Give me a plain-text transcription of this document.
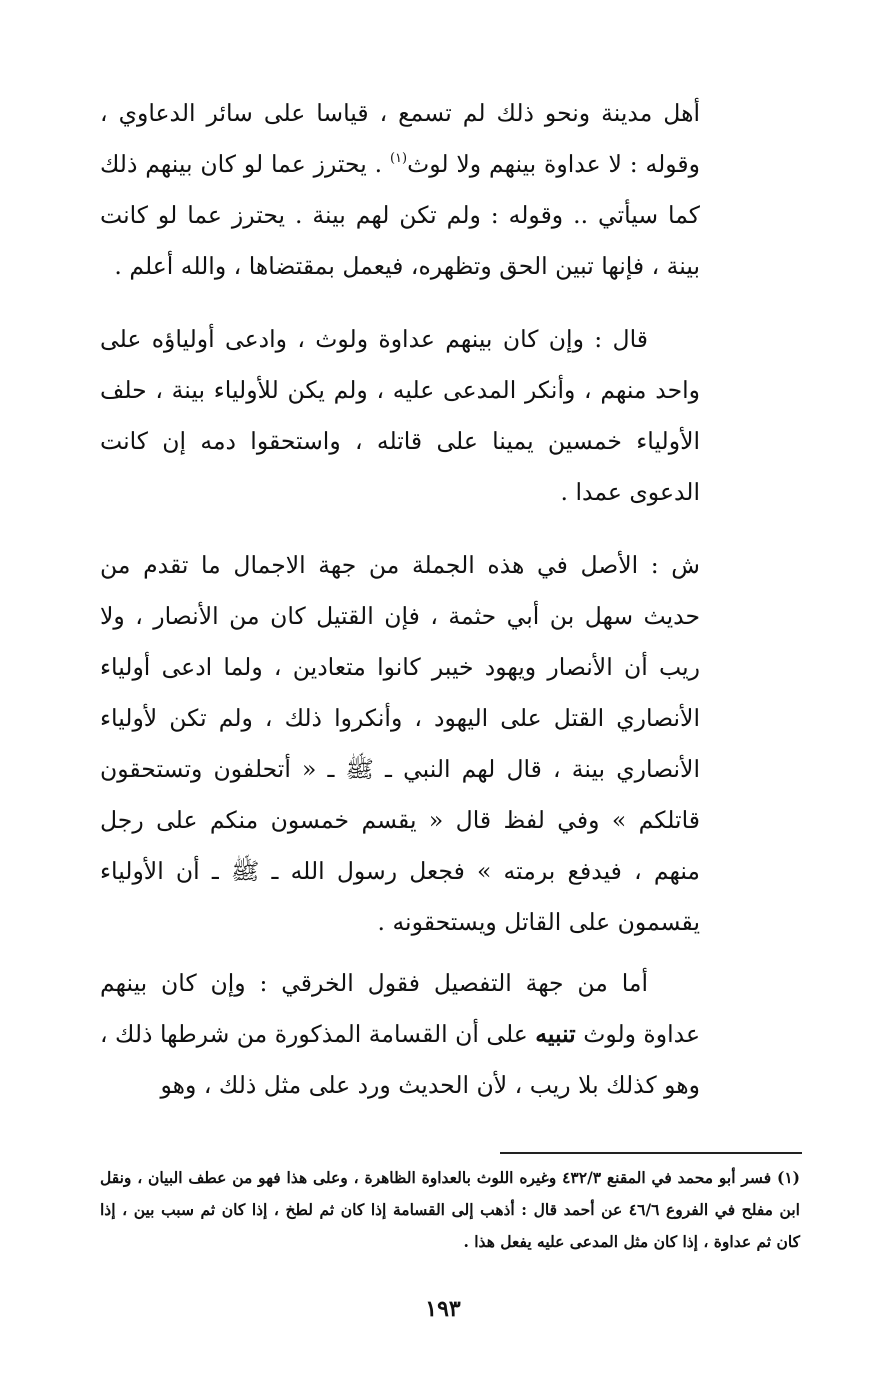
أهل مدينة ونحو ذلك لم تسمع ، قياسا على سائر الدعاوي ، وقوله : لا عداوة بينهم ولا لوث$^{(١)}$ . يحترز عما لو كان بينهم ذلك كما سيأتي .. وقوله : ولم تكن لهم بينة . يحترز عما لو كانت بينة ، فإنها تبين الحق وتظهره، فيعمل بمقتضاها ، والله أعلم .

قال : وإن كان بينهم عداوة ولوث ، وادعى أولياؤه على واحد منهم ، وأنكر المدعى عليه ، ولم يكن للأولياء بينة ، حلف الأولياء خمسين يمينا على قاتله ، واستحقوا دمه إن كانت الدعوى عمدا .

ش : الأصل في هذه الجملة من جهة الاجمال ما تقدم من حديث سهل بن أبي حثمة ، فإن القتيل كان من الأنصار ، ولا ريب أن الأنصار ويهود خيبر كانوا متعادين ، ولما ادعى أولياء الأنصاري القتل على اليهود ، وأنكروا ذلك ، ولم تكن لأولياء الأنصاري بينة ، قال لهم النبي ـ ﷺ ـ « أتحلفون وتستحقون قاتلكم » وفي لفظ قال « يقسم خمسون منكم على رجل منهم ، فيدفع برمته » فجعل رسول الله ـ ﷺ ـ أن الأولياء يقسمون على القاتل ويستحقونه .

أما من جهة التفصيل فقول الخرقي : وإن كان بينهم عداوة ولوث تنبيه على أن القسامة المذكورة من شرطها ذلك ، وهو كذلك بلا ريب ، لأن الحديث ورد على مثل ذلك ، وهو

(١) فسر أبو محمد في المقنع ٤٣٢/٣ وغيره اللوث بالعداوة الظاهرة ، وعلى هذا فهو من عطف البيان ، ونقل ابن مفلح في الفروع ٤٦/٦ عن أحمد قال : أذهب إلى القسامة إذا كان ثم لطخ ، إذا كان ثم سبب بين ، إذا كان ثم عداوة ، إذا كان مثل المدعى عليه يفعل هذا .
١٩٣
